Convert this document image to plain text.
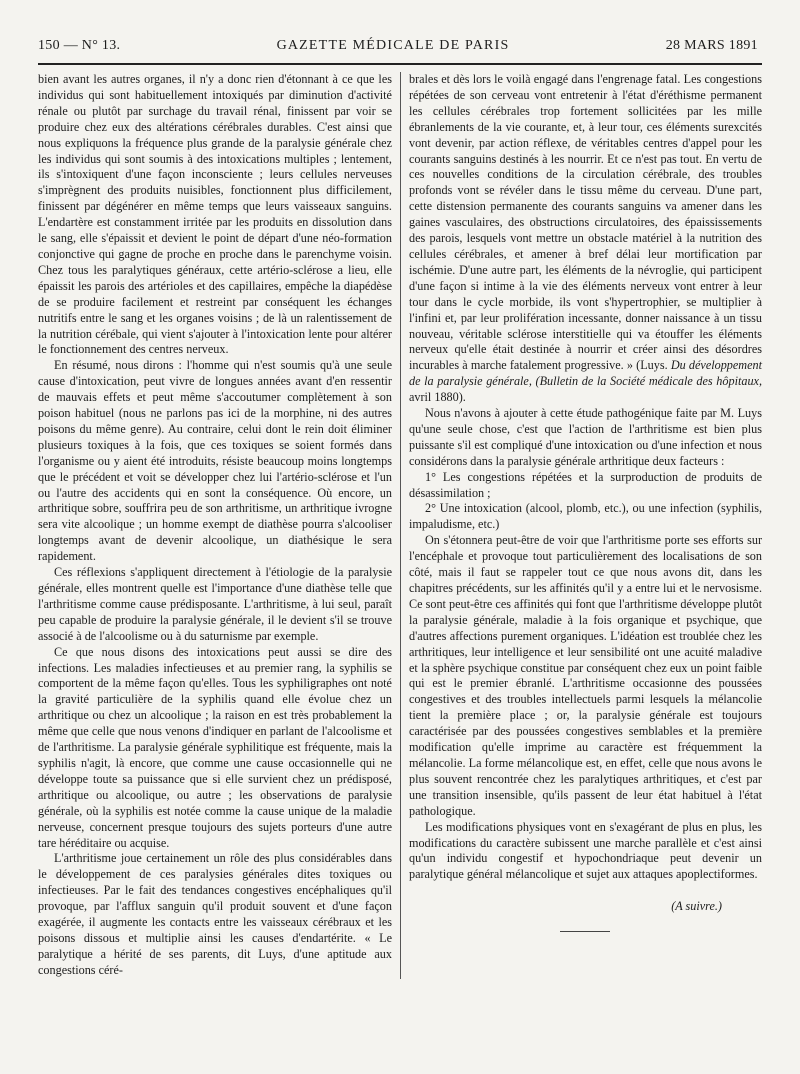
150 — N° 13.	GAZETTE MÉDICALE DE PARIS	28 MARS 1891

bien avant les autres organes, il n'y a donc rien d'étonnant à ce que les individus qui sont habituellement intoxiqués par diminution d'activité rénale ou plutôt par surchage du travail rénal, finissent par voir se produire chez eux des altérations cérébrales durables. C'est ainsi que nous expliquons la fréquence plus grande de la paralysie générale chez les individus qui sont soumis à des intoxications multiples ; lentement, ils s'intoxiquent d'une façon inconsciente ; leurs cellules nerveuses s'imprègnent des produits nuisibles, fonctionnent plus difficilement, finissent par dégénérer en même temps que leurs vaisseaux sanguins. L'endartère est constamment irritée par les produits en dissolution dans le sang, elle s'épaissit et devient le point de départ d'une néo-formation conjonctive qui gagne de proche en proche dans le parenchyme voisin. Chez tous les paralytiques généraux, cette artério-sclérose a lieu, elle épaissit les parois des artérioles et des capillaires, empêche la diapédèse de se produire facilement et restreint par conséquent les échanges nutritifs entre le sang et les organes voisins ; de là un ralentissement de la nutrition cérébale, qui vient s'ajouter à l'intoxication lente pour altérer le fonctionnement des centres nerveux.

En résumé, nous dirons : l'homme qui n'est soumis qu'à une seule cause d'intoxication, peut vivre de longues années avant d'en ressentir de mauvais effets et peut même s'accoutumer complètement à son poison habituel (nous ne parlons pas ici de la morphine, ni des autres poisons du même genre). Au contraire, celui dont le rein doit éliminer plusieurs toxiques à la fois, que ces toxiques se soient formés dans l'organisme ou y aient été introduits, résiste beaucoup moins longtemps que le précédent et voit se développer chez lui l'artério-sclérose et l'un ou l'autre des accidents qui en sont la conséquence. Où encore, un arthritique sobre, souffrira peu de son arthritisme, un arthritique ivrogne sera vite alcoolique ; un homme exempt de diathèse pourra s'alcooliser longtemps avant de devenir alcoolique, un diathésique le sera rapidement.

Ces réflexions s'appliquent directement à l'étiologie de la paralysie générale, elles montrent quelle est l'importance d'une diathèse telle que l'arthritisme comme cause prédisposante. L'arthritisme, à lui seul, paraît peu capable de produire la paralysie générale, il le devient s'il se trouve associé à de l'alcoolisme ou à du saturnisme par exemple.

Ce que nous disons des intoxications peut aussi se dire des infections. Les maladies infectieuses et au premier rang, la syphilis se comportent de la même façon qu'elles. Tous les syphiligraphes ont noté la gravité particulière de la syphilis quand elle évolue chez un arthritique ou chez un alcoolique ; la raison en est très probablement la même que celle que nous venons d'indiquer en parlant de l'alcoolisme et de l'arthritisme. La paralysie générale syphilitique est fréquente, mais la syphilis n'agit, là encore, que comme une cause occasionnelle qui ne développe toute sa puissance que si elle survient chez un prédisposé, arthritique ou alcoolique, ou autre ; les observations de paralysie générale, où la syphilis est notée comme la cause unique de la maladie nerveuse, concernent presque toujours des sujets porteurs d'une autre tare héréditaire ou acquise.

L'arthritisme joue certainement un rôle des plus considérables dans le développement de ces paralysies générales dites toxiques ou infectieuses. Par le fait des tendances congestives encéphaliques qu'il provoque, par l'afflux sanguin qu'il produit souvent et d'une façon exagérée, il augmente les contacts entre les vaisseaux cérébraux et les poisons dissous et multiplie ainsi les causes d'endartérite. « Le paralytique a hérité de ses parents, dit Luys, d'une aptitude aux congestions céré-

brales et dès lors le voilà engagé dans l'engrenage fatal. Les congestions répétées de son cerveau vont entretenir à l'état d'éréthisme permanent les cellules cérébrales trop fortement sollicitées par les mille ébranlements de la vie courante, et, à leur tour, ces éléments surexcités vont devenir, par action réflexe, de véritables centres d'appel pour les courants sanguins destinés à les nourrir. Et ce n'est pas tout. En vertu de ces nouvelles conditions de la circulation cérébrale, des troubles profonds vont se révéler dans le tissu même du cerveau. D'une part, cette distension permanente des courants sanguins va amener dans les gaines vasculaires, des obstructions circulatoires, des épaississements des parois, lesquels vont mettre un obstacle matériel à la nutrition des cellules cérébrales, et amener à bref délai leur mortification par ischémie. D'une autre part, les éléments de la névroglie, qui participent d'une façon si intime à la vie des éléments nerveux vont entrer à leur tour dans le cycle morbide, ils vont s'hypertrophier, se multiplier à l'infini et, par leur prolifération incessante, donner naissance à un tissu nouveau, véritable sclérose interstitielle qui va étouffer les éléments nerveux qu'elle était destinée à nourrir et créer ainsi des désordres incurables à marche fatalement progressive. » (Luys. Du développement de la paralysie générale, (Bulletin de la Société médicale des hôpitaux, avril 1880).

Nous n'avons à ajouter à cette étude pathogénique faite par M. Luys qu'une seule chose, c'est que l'action de l'arthritisme est bien plus puissante s'il est compliqué d'une intoxication ou d'une infection et nous considérons dans la paralysie générale arthritique deux facteurs :

1° Les congestions répétées et la surproduction de produits de désassimilation ;

2° Une intoxication (alcool, plomb, etc.), ou une infection (syphilis, impaludisme, etc.)

On s'étonnera peut-être de voir que l'arthritisme porte ses efforts sur l'encéphale et provoque tout particulièrement des localisations de son côté, mais il faut se rappeler tout ce que nous avons dit, dans les chapitres précédents, sur les affinités qu'il y a entre lui et le nervosisme. Ce sont peut-être ces affinités qui font que l'arthritisme développe plutôt la paralysie générale, maladie à la fois organique et psychique, que d'autres affections purement organiques. L'idéation est troublée chez les arthritiques, leur intelligence et leur sensibilité ont une acuité maladive et la sphère psychique constitue par conséquent chez eux un point faible qui est le premier ébranlé. L'arthritisme occasionne des poussées congestives et des troubles intellectuels parmi lesquels la mélancolie tient la première place ; or, la paralysie générale est toujours caractérisée par des poussées congestives semblables et la première modification qu'elle imprime au caractère est fréquemment la mélancolie. La forme mélancolique est, en effet, celle que nous avons le plus souvent rencontrée chez les paralytiques arthritiques, et c'est par une transition insensible, qu'ils passent de leur état habituel à l'état pathologique.

Les modifications physiques vont en s'exagérant de plus en plus, les modifications du caractère subissent une marche parallèle et c'est ainsi qu'un individu congestif et hypochondriaque peut devenir un paralytique général mélancolique et sujet aux attaques apoplectiformes.

(A suivre.)
